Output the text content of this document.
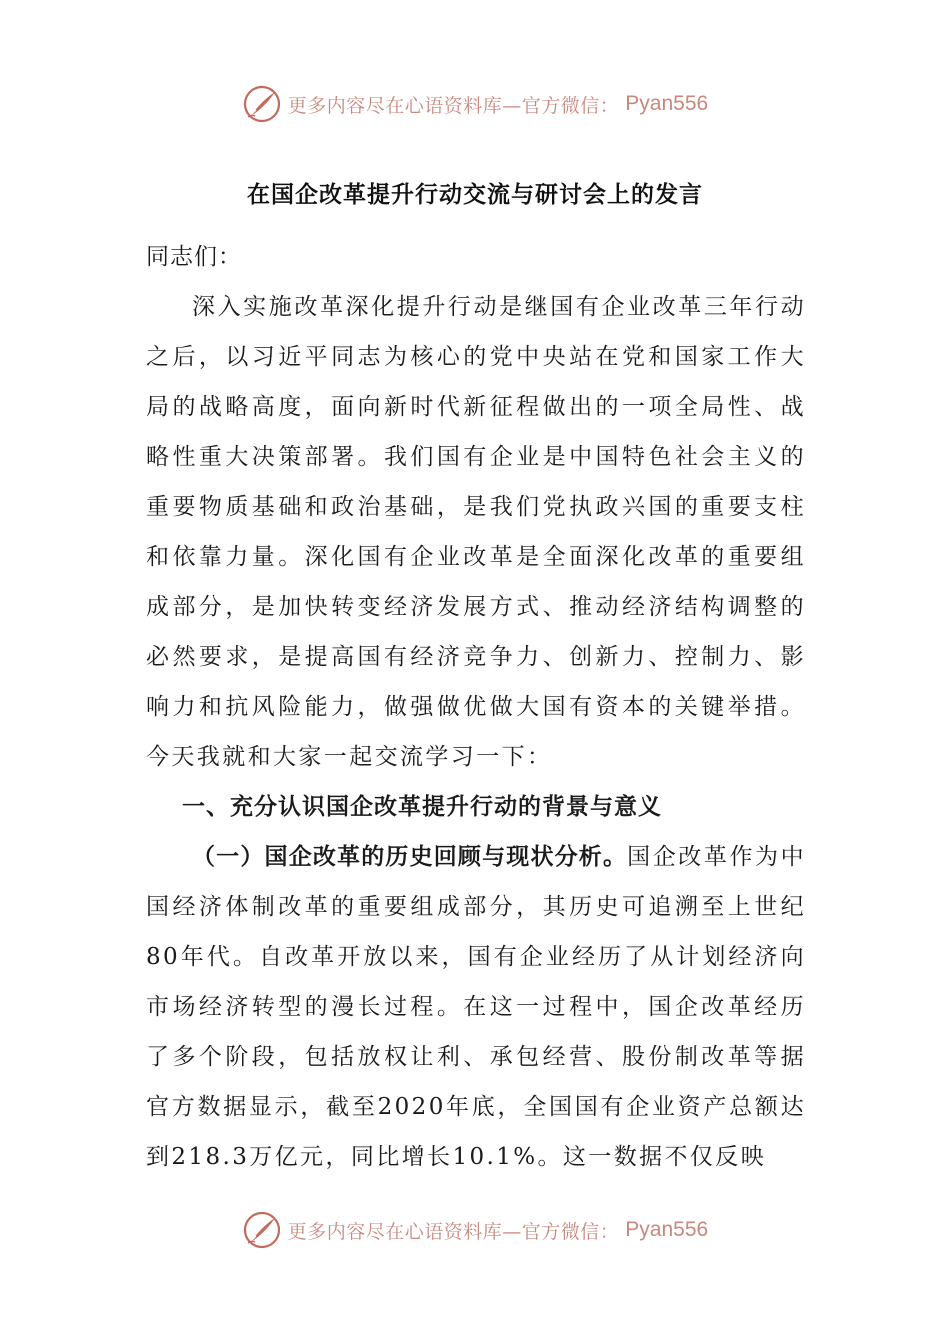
更多内容尽在心语资料库—官方微信： Pyan556
在国企改革提升行动交流与研讨会上的发言

同志们：

深入实施改革深化提升行动是继国有企业改革三年行动之后，以习近平同志为核心的党中央站在党和国家工作大局的战略高度，面向新时代新征程做出的一项全局性、战略性重大决策部署。我们国有企业是中国特色社会主义的重要物质基础和政治基础，是我们党执政兴国的重要支柱和依靠力量。深化国有企业改革是全面深化改革的重要组成部分，是加快转变经济发展方式、推动经济结构调整的必然要求，是提高国有经济竞争力、创新力、控制力、影响力和抗风险能力，做强做优做大国有资本的关键举措。今天我就和大家一起交流学习一下：

一、充分认识国企改革提升行动的背景与意义

（一）国企改革的历史回顾与现状分析。国企改革作为中国经济体制改革的重要组成部分，其历史可追溯至上世纪80年代。自改革开放以来，国有企业经历了从计划经济向市场经济转型的漫长过程。在这一过程中，国企改革经历了多个阶段，包括放权让利、承包经营、股份制改革等据官方数据显示，截至2020年底，全国国有企业资产总额达到218.3万亿元，同比增长10.1%。这一数据不仅反映

更多内容尽在心语资料库—官方微信： Pyan556
